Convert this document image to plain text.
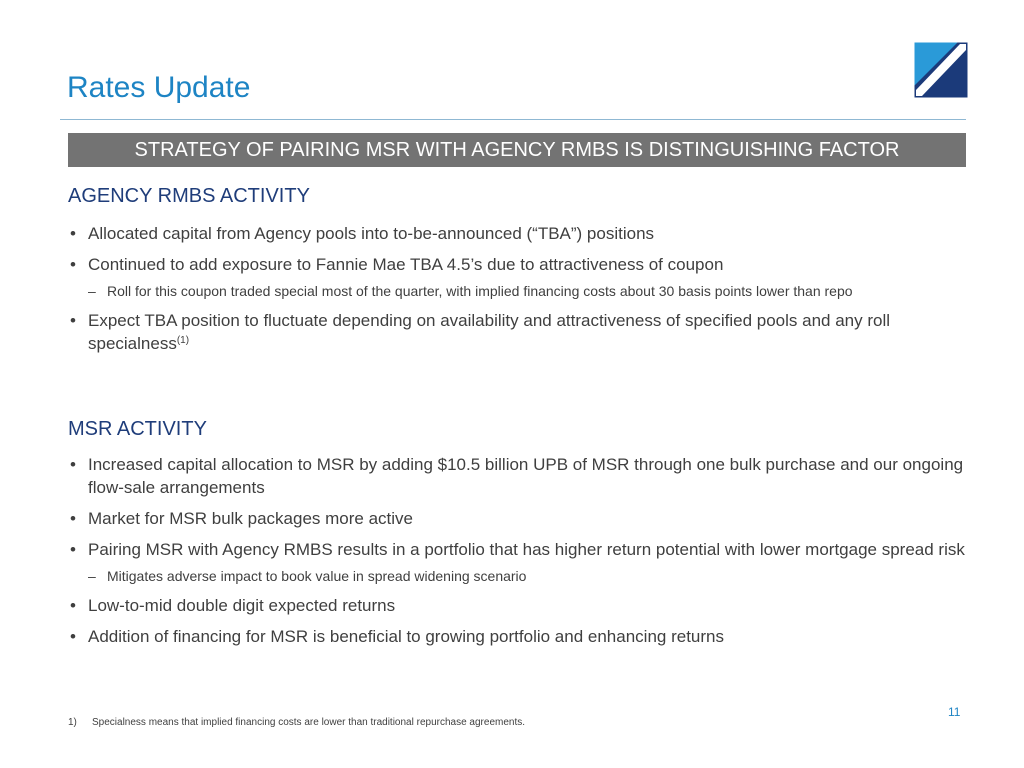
Rates Update
STRATEGY OF PAIRING MSR WITH AGENCY RMBS IS DISTINGUISHING FACTOR
AGENCY RMBS ACTIVITY
• Allocated capital from Agency pools into to-be-announced (“TBA”) positions
• Continued to add exposure to Fannie Mae TBA 4.5’s due to attractiveness of coupon
– Roll for this coupon traded special most of the quarter, with implied financing costs about 30 basis points lower than repo
• Expect TBA position to fluctuate depending on availability and attractiveness of specified pools and any roll specialness$^{(1)}$
MSR ACTIVITY
• Increased capital allocation to MSR by adding $10.5 billion UPB of MSR through one bulk purchase and our ongoing flow-sale arrangements
• Market for MSR bulk packages more active
• Pairing MSR with Agency RMBS results in a portfolio that has higher return potential with lower mortgage spread risk
– Mitigates adverse impact to book value in spread widening scenario
• Low-to-mid double digit expected returns
• Addition of financing for MSR is beneficial to growing portfolio and enhancing returns
11
1) Specialness means that implied financing costs are lower than traditional repurchase agreements.
